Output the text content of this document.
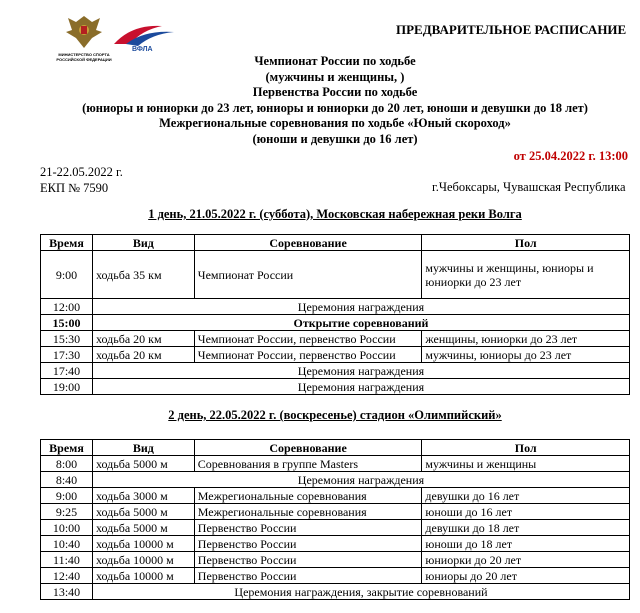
МИНИСТЕРСТВО СПОРТА РОССИЙСКОЙ ФЕДЕРАЦИИ
ВФЛА
ПРЕДВАРИТЕЛЬНОЕ РАСПИСАНИЕ
Чемпионат России по ходьбе
(мужчины и женщины, )
Первенства России по ходьбе
(юниоры и юниорки до 23 лет, юниоры и юниорки до 20 лет, юноши и девушки до 18 лет)
Межрегиональные соревнования по ходьбе «Юный скороход»
(юноши и девушки до 16 лет)
от 25.04.2022 г. 13:00
21-22.05.2022 г.
ЕКП № 7590	г.Чебоксары, Чувашская Республика
1 день, 21.05.2022 г. (суббота), Московская набережная реки Волга
Время	Вид	Соревнование	Пол
9:00	ходьба 35 км	Чемпионат России	мужчины и женщины, юниоры и юниорки до 23 лет
12:00	Церемония награждения		
15:00	Открытие соревнований		
15:30	ходьба 20 км	Чемпионат России, первенство России	женщины, юниорки до 23 лет
17:30	ходьба 20 км	Чемпионат России, первенство России	мужчины, юниоры до 23 лет
17:40	Церемония награждения		
19:00	Церемония награждения		
2 день, 22.05.2022 г. (воскресенье) стадион «Олимпийский»
Время	Вид	Соревнование	Пол
8:00	ходьба 5000 м	Соревнования в группе Masters	мужчины и женщины
8:40	Церемония награждения		
9:00	ходьба 3000 м	Межрегиональные соревнования	девушки до 16 лет
9:25	ходьба 5000 м	Межрегиональные соревнования	юноши до 16 лет
10:00	ходьба 5000 м	Первенство России	девушки до 18 лет
10:40	ходьба 10000 м	Первенство России	юноши до 18 лет
11:40	ходьба 10000 м	Первенство России	юниорки до 20 лет
12:40	ходьба 10000 м	Первенство России	юниоры до 20 лет
13:40	Церемония награждения, закрытие соревнований		
